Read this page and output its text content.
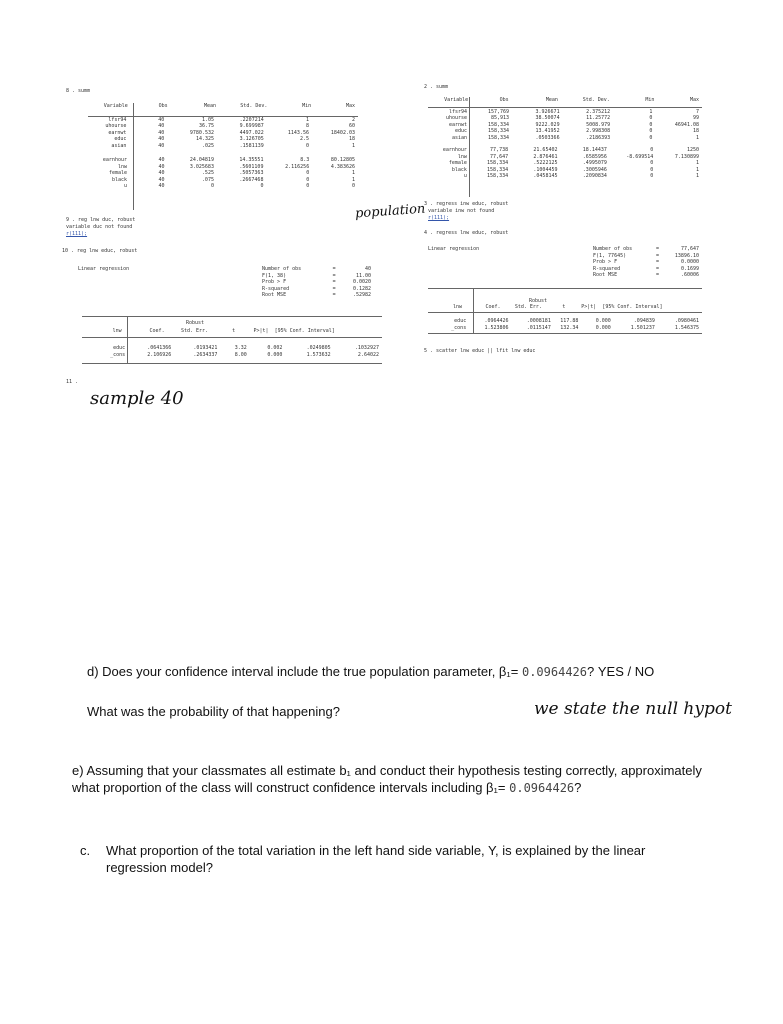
8 . summ
Variable	Obs	Mean	Std. Dev.	Min	Max
lfsr94	40	1.05	.2207214	1	2
uhourse	40	36.75	9.699987	8	60
earnwt	40	9780.532	4497.022	1143.56	18402.03
educ	40	14.325	3.126705	2.5	18
asian	40	.025	.1581139	0	1
earnhour	40	24.04819	14.35551	8.3	80.12805
lnw	40	3.025683	.5601109	2.116256	4.383626
female	40	.525	.5057363	0	1
black	40	.075	.2667468	0	1
u	40	0	0	0	0
9 . reg lnw duc, robust
variable duc not found
r(111);
10 . reg lnw educ, robust
Linear regression	Number of obs	=	40
F(1, 38)	=	11.00
Prob > F	=	0.0020
R-squared	=	0.1282
Root MSE	=	.52982
Robust
lnw	Coef.	Std. Err.	t	P>|t|	[95% Conf. Interval]	
educ	.0641366	.0193421	3.32	0.002	.0249805	.1032927
_cons	2.106926	.2634337	8.00	0.000	1.573632	2.64022
11 .
sample 40
population
2 . summ
Variable	Obs	Mean	Std. Dev.	Min	Max
lfsr94	157,769	3.926671	2.375212	1	7
uhourse	85,913	38.50074	11.25772	0	99
earnwt	158,334	9222.029	5008.979	0	46941.08
educ	158,334	13.41952	2.998308	0	18
asian	158,334	.0503366	.2186393	0	1
earnhour	77,738	21.65402	18.14437	0	1250
lnw	77,647	2.876461	.6585956	-8.699514	7.130899
female	158,334	.5222125	.4995079	0	1
black	158,334	.1004459	.3005946	0	1
u	158,334	.0458145	.2090834	0	1
3 . regress inw educ, robust
variable inw not found
r(111);
4 . regress lnw educ, robust
Linear regression	Number of obs	=	77,647
F(1, 77645)	=	13896.10
Prob > F	=	0.0000
R-squared	=	0.1699
Root MSE	=	.60006
Robust
lnw	Coef.	Std. Err.	t	P>|t|	[95% Conf. Interval]	
educ	.0964426	.0008181	117.88	0.000	.094839	.0980461
_cons	1.523806	.0115147	132.34	0.000	1.501237	1.546375
5 . scatter lnw educ || lfit lnw educ
d) Does your confidence interval include the true population parameter, β₁= 0.0964426? YES / NO
What was the probability of that happening?	we state the null hypot
e) Assuming that your classmates all estimate b₁ and conduct their hypothesis testing correctly, approximately
what proportion of the class will construct confidence intervals including β₁= 0.0964426?
c. What proportion of the total variation in the left hand side variable, Y, is explained by the linear
regression model?
